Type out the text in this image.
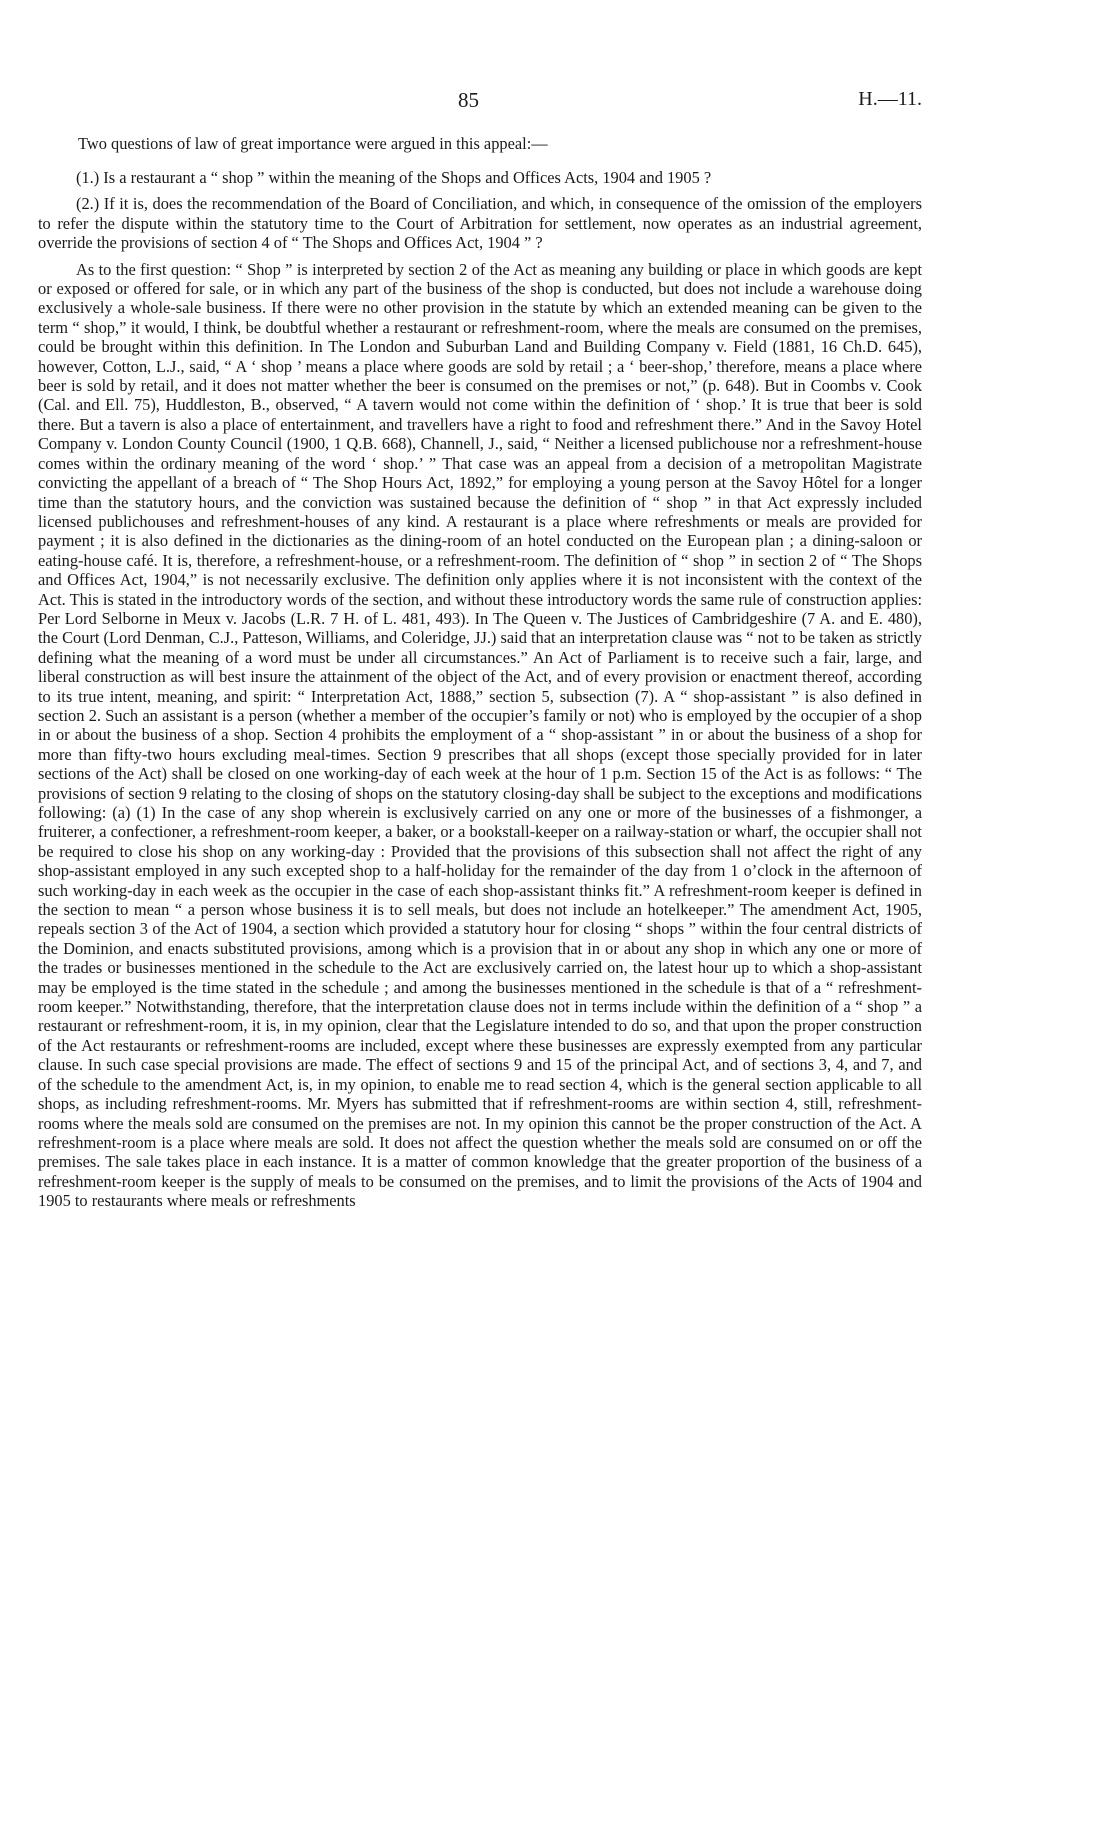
85	H.—11.
Two questions of law of great importance were argued in this appeal:—

(1.) Is a restaurant a “ shop ” within the meaning of the Shops and Offices Acts, 1904 and 1905 ?

(2.) If it is, does the recommendation of the Board of Conciliation, and which, in consequence of the omission of the employers to refer the dispute within the statutory time to the Court of Arbitration for settlement, now operates as an industrial agreement, override the provisions of section 4 of “ The Shops and Offices Act, 1904 ” ?

As to the first question: “ Shop ” is interpreted by section 2 of the Act as meaning any building or place in which goods are kept or exposed or offered for sale, or in which any part of the business of the shop is conducted, but does not include a warehouse doing exclusively a whole-sale business. If there were no other provision in the statute by which an extended meaning can be given to the term “ shop,” it would, I think, be doubtful whether a restaurant or refreshment-room, where the meals are consumed on the premises, could be brought within this definition. In The London and Suburban Land and Building Company v. Field (1881, 16 Ch.D. 645), however, Cotton, L.J., said, “ A ‘ shop ’ means a place where goods are sold by retail ; a ‘ beer-shop,’ therefore, means a place where beer is sold by retail, and it does not matter whether the beer is consumed on the premises or not,” (p. 648). But in Coombs v. Cook (Cal. and Ell. 75), Huddleston, B., observed, “ A tavern would not come within the definition of ‘ shop.’ It is true that beer is sold there. But a tavern is also a place of entertainment, and travellers have a right to food and refreshment there.” And in the Savoy Hotel Company v. London County Council (1900, 1 Q.B. 668), Channell, J., said, “ Neither a licensed publichouse nor a refreshment-house comes within the ordinary meaning of the word ‘ shop.’ ” That case was an appeal from a decision of a metropolitan Magistrate convicting the appellant of a breach of “ The Shop Hours Act, 1892,” for employing a young person at the Savoy Hôtel for a longer time than the statutory hours, and the conviction was sustained because the definition of “ shop ” in that Act expressly included licensed publichouses and refreshment-houses of any kind. A restaurant is a place where refreshments or meals are provided for payment ; it is also defined in the dictionaries as the dining-room of an hotel conducted on the European plan ; a dining-saloon or eating-house café. It is, therefore, a refreshment-house, or a refreshment-room. The definition of “ shop ” in section 2 of “ The Shops and Offices Act, 1904,” is not necessarily exclusive. The definition only applies where it is not inconsistent with the context of the Act. This is stated in the introductory words of the section, and without these introductory words the same rule of construction applies: Per Lord Selborne in Meux v. Jacobs (L.R. 7 H. of L. 481, 493). In The Queen v. The Justices of Cambridgeshire (7 A. and E. 480), the Court (Lord Denman, C.J., Patteson, Williams, and Coleridge, JJ.) said that an interpretation clause was “ not to be taken as strictly defining what the meaning of a word must be under all circumstances.” An Act of Parliament is to receive such a fair, large, and liberal construction as will best insure the attainment of the object of the Act, and of every provision or enactment thereof, according to its true intent, meaning, and spirit: “ Interpretation Act, 1888,” section 5, subsection (7). A “ shop-assistant ” is also defined in section 2. Such an assistant is a person (whether a member of the occupier’s family or not) who is employed by the occupier of a shop in or about the business of a shop. Section 4 prohibits the employment of a “ shop-assistant ” in or about the business of a shop for more than fifty-two hours excluding meal-times. Section 9 prescribes that all shops (except those specially provided for in later sections of the Act) shall be closed on one working-day of each week at the hour of 1 p.m. Section 15 of the Act is as follows: “ The provisions of section 9 relating to the closing of shops on the statutory closing-day shall be subject to the exceptions and modifications following: (a) (1) In the case of any shop wherein is exclusively carried on any one or more of the businesses of a fishmonger, a fruiterer, a confectioner, a refreshment-room keeper, a baker, or a bookstall-keeper on a railway-station or wharf, the occupier shall not be required to close his shop on any working-day : Provided that the provisions of this subsection shall not affect the right of any shop-assistant employed in any such excepted shop to a half-holiday for the remainder of the day from 1 o’clock in the afternoon of such working-day in each week as the occupier in the case of each shop-assistant thinks fit.” A refreshment-room keeper is defined in the section to mean “ a person whose business it is to sell meals, but does not include an hotelkeeper.” The amendment Act, 1905, repeals section 3 of the Act of 1904, a section which provided a statutory hour for closing “ shops ” within the four central districts of the Dominion, and enacts substituted provisions, among which is a provision that in or about any shop in which any one or more of the trades or businesses mentioned in the schedule to the Act are exclusively carried on, the latest hour up to which a shop-assistant may be employed is the time stated in the schedule ; and among the businesses mentioned in the schedule is that of a “ refreshment-room keeper.” Notwithstanding, therefore, that the interpretation clause does not in terms include within the definition of a “ shop ” a restaurant or refreshment-room, it is, in my opinion, clear that the Legislature intended to do so, and that upon the proper construction of the Act restaurants or refreshment-rooms are included, except where these businesses are expressly exempted from any particular clause. In such case special provisions are made. The effect of sections 9 and 15 of the principal Act, and of sections 3, 4, and 7, and of the schedule to the amendment Act, is, in my opinion, to enable me to read section 4, which is the general section applicable to all shops, as including refreshment-rooms. Mr. Myers has submitted that if refreshment-rooms are within section 4, still, refreshment-rooms where the meals sold are consumed on the premises are not. In my opinion this cannot be the proper construction of the Act. A refreshment-room is a place where meals are sold. It does not affect the question whether the meals sold are consumed on or off the premises. The sale takes place in each instance. It is a matter of common knowledge that the greater proportion of the business of a refreshment-room keeper is the supply of meals to be consumed on the premises, and to limit the provisions of the Acts of 1904 and 1905 to restaurants where meals or refreshments
